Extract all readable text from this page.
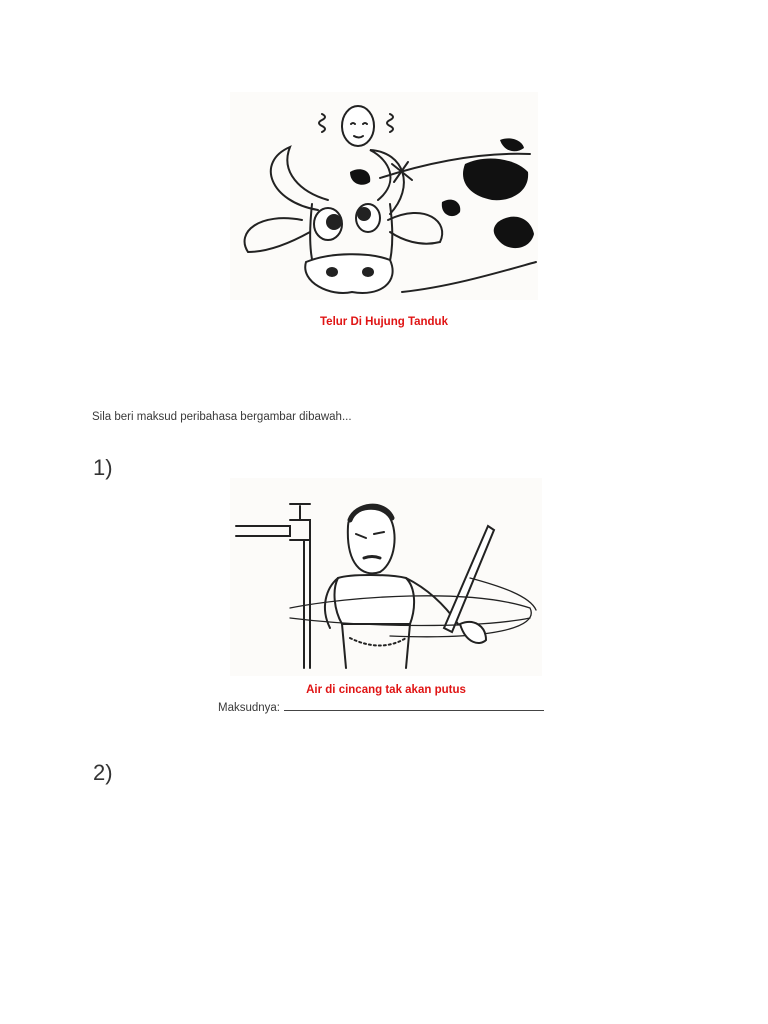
Telur Di Hujung Tanduk
Sila beri maksud peribahasa bergambar dibawah...
1)
Air di cincang tak akan putus
Maksudnya:
2)
